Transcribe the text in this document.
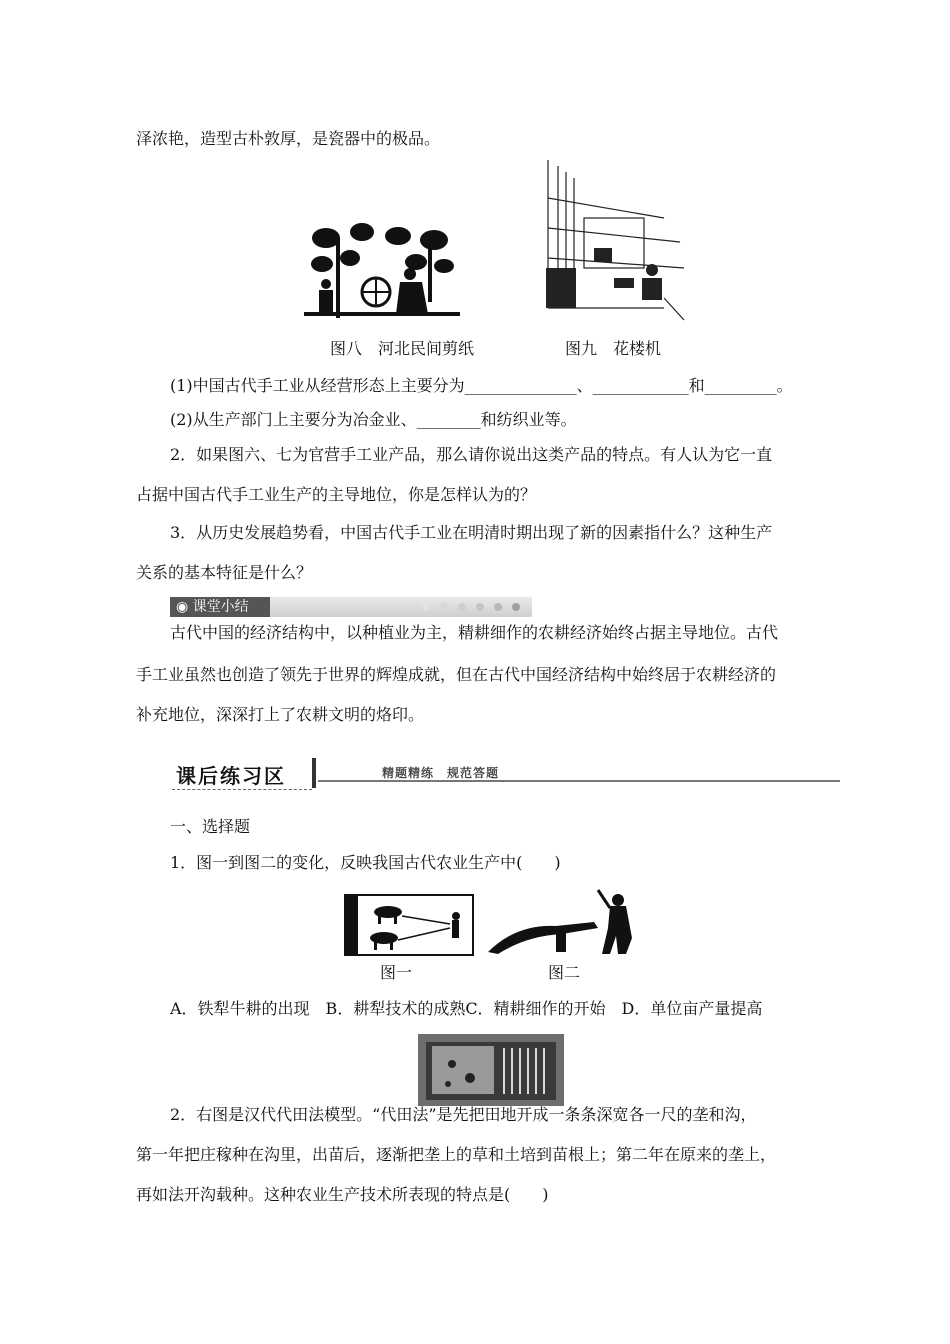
泽浓艳，造型古朴敦厚，是瓷器中的极品。
图八　河北民间剪纸	图九　花楼机
(1)中国古代手工业从经营形态上主要分为______________、____________和_________。
(2)从生产部门上主要分为冶金业、________和纺织业等。
2．如果图六、七为官营手工业产品，那么请你说出这类产品的特点。有人认为它一直
占据中国古代手工业生产的主导地位，你是怎样认为的？
3．从历史发展趋势看，中国古代手工业在明清时期出现了新的因素指什么？这种生产
关系的基本特征是什么？
◉ 课堂小结
古代中国的经济结构中，以种植业为主，精耕细作的农耕经济始终占据主导地位。古代
手工业虽然也创造了领先于世界的辉煌成就，但在古代中国经济结构中始终居于农耕经济的
补充地位，深深打上了农耕文明的烙印。
课后练习区	精题精练　规范答题
一、选择题
1．图一到图二的变化，反映我国古代农业生产中(　　)
图一	图二
A．铁犁牛耕的出现　B．耕犁技术的成熟C．精耕细作的开始　D．单位亩产量提高
2．右图是汉代代田法模型。“代田法”是先把田地开成一条条深宽各一尺的垄和沟，
第一年把庄稼种在沟里，出苗后，逐渐把垄上的草和土培到苗根上；第二年在原来的垄上，
再如法开沟载种。这种农业生产技术所表现的特点是(　　)
